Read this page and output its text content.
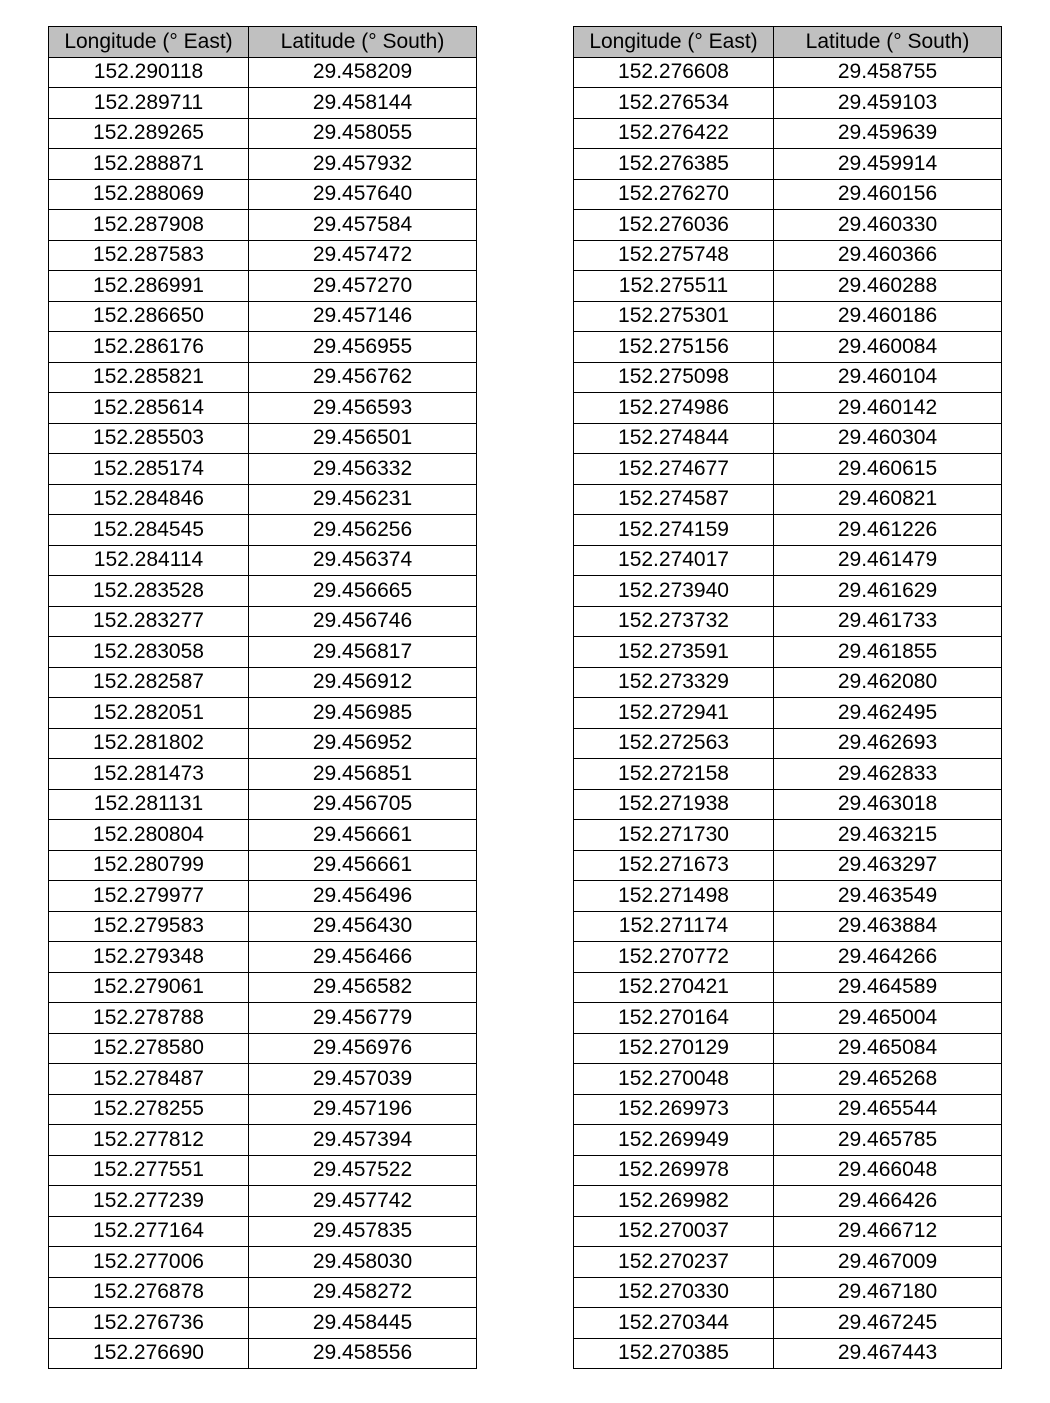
Longitude (° East)	Latitude (° South)
152.290118	29.458209
152.289711	29.458144
152.289265	29.458055
152.288871	29.457932
152.288069	29.457640
152.287908	29.457584
152.287583	29.457472
152.286991	29.457270
152.286650	29.457146
152.286176	29.456955
152.285821	29.456762
152.285614	29.456593
152.285503	29.456501
152.285174	29.456332
152.284846	29.456231
152.284545	29.456256
152.284114	29.456374
152.283528	29.456665
152.283277	29.456746
152.283058	29.456817
152.282587	29.456912
152.282051	29.456985
152.281802	29.456952
152.281473	29.456851
152.281131	29.456705
152.280804	29.456661
152.280799	29.456661
152.279977	29.456496
152.279583	29.456430
152.279348	29.456466
152.279061	29.456582
152.278788	29.456779
152.278580	29.456976
152.278487	29.457039
152.278255	29.457196
152.277812	29.457394
152.277551	29.457522
152.277239	29.457742
152.277164	29.457835
152.277006	29.458030
152.276878	29.458272
152.276736	29.458445
152.276690	29.458556
Longitude (° East)	Latitude (° South)
152.276608	29.458755
152.276534	29.459103
152.276422	29.459639
152.276385	29.459914
152.276270	29.460156
152.276036	29.460330
152.275748	29.460366
152.275511	29.460288
152.275301	29.460186
152.275156	29.460084
152.275098	29.460104
152.274986	29.460142
152.274844	29.460304
152.274677	29.460615
152.274587	29.460821
152.274159	29.461226
152.274017	29.461479
152.273940	29.461629
152.273732	29.461733
152.273591	29.461855
152.273329	29.462080
152.272941	29.462495
152.272563	29.462693
152.272158	29.462833
152.271938	29.463018
152.271730	29.463215
152.271673	29.463297
152.271498	29.463549
152.271174	29.463884
152.270772	29.464266
152.270421	29.464589
152.270164	29.465004
152.270129	29.465084
152.270048	29.465268
152.269973	29.465544
152.269949	29.465785
152.269978	29.466048
152.269982	29.466426
152.270037	29.466712
152.270237	29.467009
152.270330	29.467180
152.270344	29.467245
152.270385	29.467443
